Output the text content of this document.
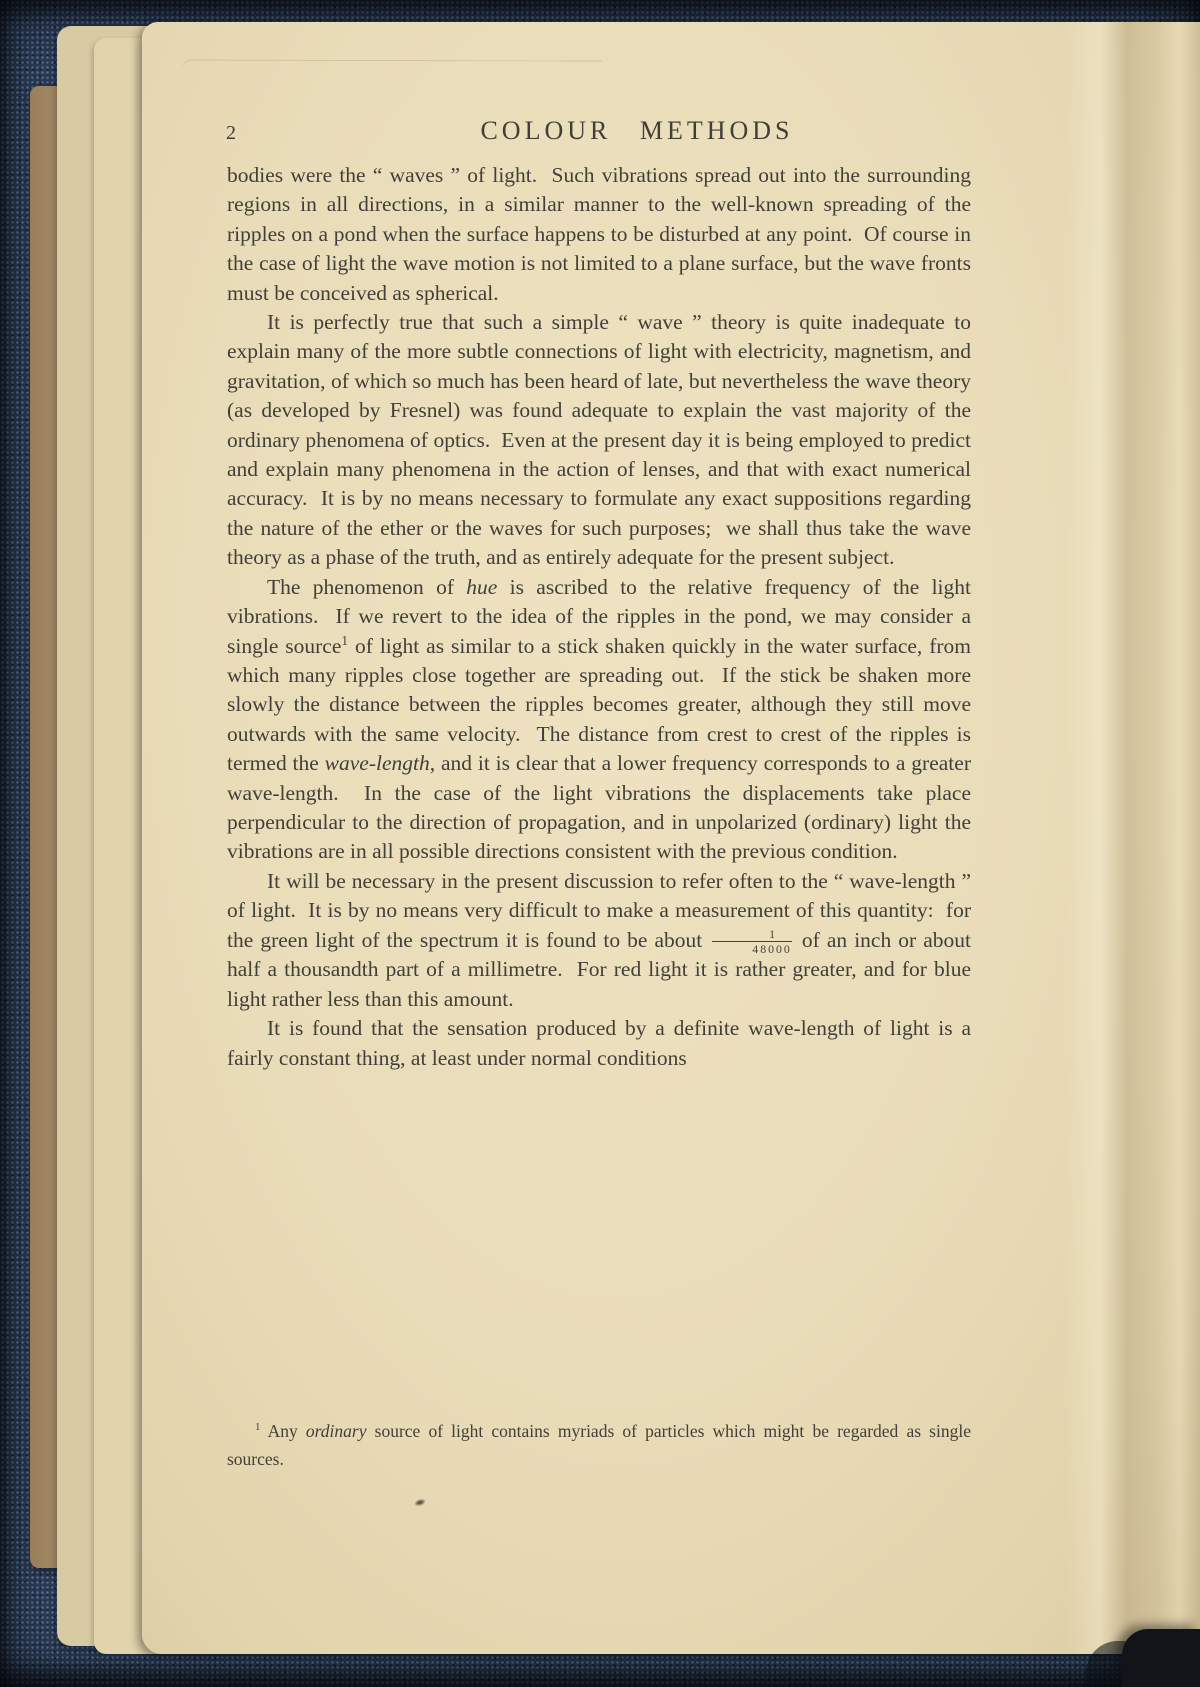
2	COLOUR METHODS

bodies were the “ waves ” of light.  Such vibrations spread out into the surrounding regions in all directions, in a similar manner to the well-known spreading of the ripples on a pond when the surface happens to be disturbed at any point.  Of course in the case of light the wave motion is not limited to a plane surface, but the wave fronts must be conceived as spherical.

It is perfectly true that such a simple “ wave ” theory is quite inadequate to explain many of the more subtle connections of light with electricity, magnetism, and gravitation, of which so much has been heard of late, but nevertheless the wave theory (as developed by Fresnel) was found adequate to explain the vast majority of the ordinary phenomena of optics.  Even at the present day it is being employed to predict and explain many phenomena in the action of lenses, and that with exact numerical accuracy.  It is by no means necessary to formulate any exact suppositions regarding the nature of the ether or the waves for such purposes;  we shall thus take the wave theory as a phase of the truth, and as entirely adequate for the present subject.

The phenomenon of hue is ascribed to the relative frequency of the light vibrations.  If we revert to the idea of the ripples in the pond, we may consider a single source$^1$ of light as similar to a stick shaken quickly in the water surface, from which many ripples close together are spreading out.  If the stick be shaken more slowly the distance between the ripples becomes greater, although they still move outwards with the same velocity.  The distance from crest to crest of the ripples is termed the wave-length, and it is clear that a lower frequency corresponds to a greater wave-length.  In the case of the light vibrations the displacements take place perpendicular to the direction of propagation, and in unpolarized (ordinary) light the vibrations are in all possible directions consistent with the previous condition.

It will be necessary in the present discussion to refer often to the “ wave-length ” of light.  It is by no means very difficult to make a measurement of this quantity:  for the green light of the spectrum it is found to be about $\frac{1}{48000}$ of an inch or about half a thousandth part of a millimetre.  For red light it is rather greater, and for blue light rather less than this amount.

It is found that the sensation produced by a definite wave-length of light is a fairly constant thing, at least under normal conditions

$^1$ Any ordinary source of light contains myriads of particles which might be regarded as single sources.
